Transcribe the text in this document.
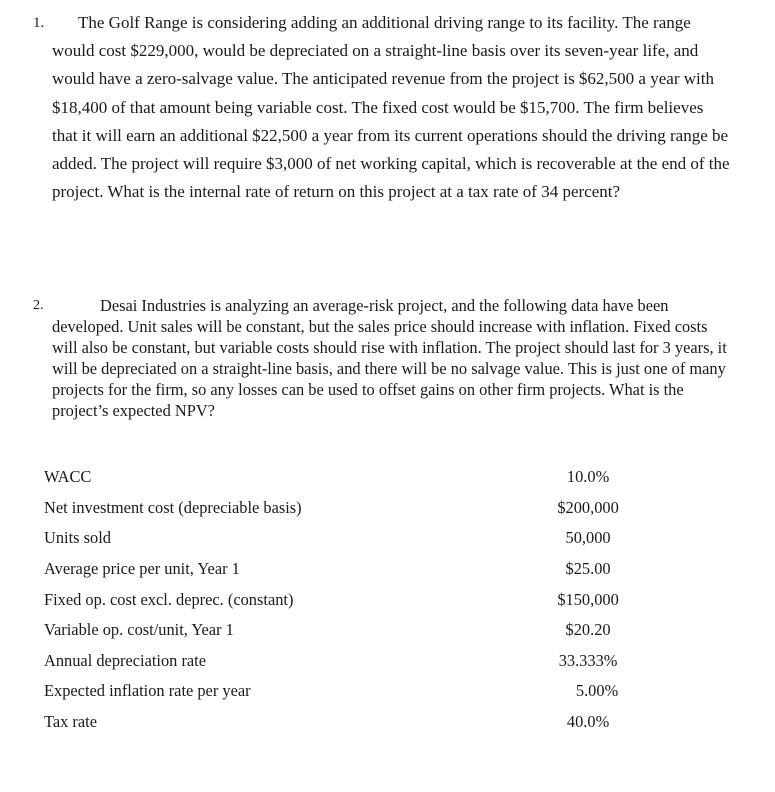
1.	The Golf Range is considering adding an additional driving range to its facility. The range would cost $229,000, would be depreciated on a straight-line basis over its seven-year life, and would have a zero-salvage value. The anticipated revenue from the project is $62,500 a year with $18,400 of that amount being variable cost. The fixed cost would be $15,700. The firm believes that it will earn an additional $22,500 a year from its current operations should the driving range be added. The project will require $3,000 of net working capital, which is recoverable at the end of the project. What is the internal rate of return on this project at a tax rate of 34 percent?

2.	Desai Industries is analyzing an average-risk project, and the following data have been developed. Unit sales will be constant, but the sales price should increase with inflation. Fixed costs will also be constant, but variable costs should rise with inflation. The project should last for 3 years, it will be depreciated on a straight-line basis, and there will be no salvage value. This is just one of many projects for the firm, so any losses can be used to offset gains on other firm projects. What is the project’s expected NPV?

WACC	10.0%
Net investment cost (depreciable basis)	$200,000
Units sold	50,000
Average price per unit, Year 1	$25.00
Fixed op. cost excl. deprec. (constant)	$150,000
Variable op. cost/unit, Year 1	$20.20
Annual depreciation rate	33.333%
Expected inflation rate per year	5.00%
Tax rate	40.0%
